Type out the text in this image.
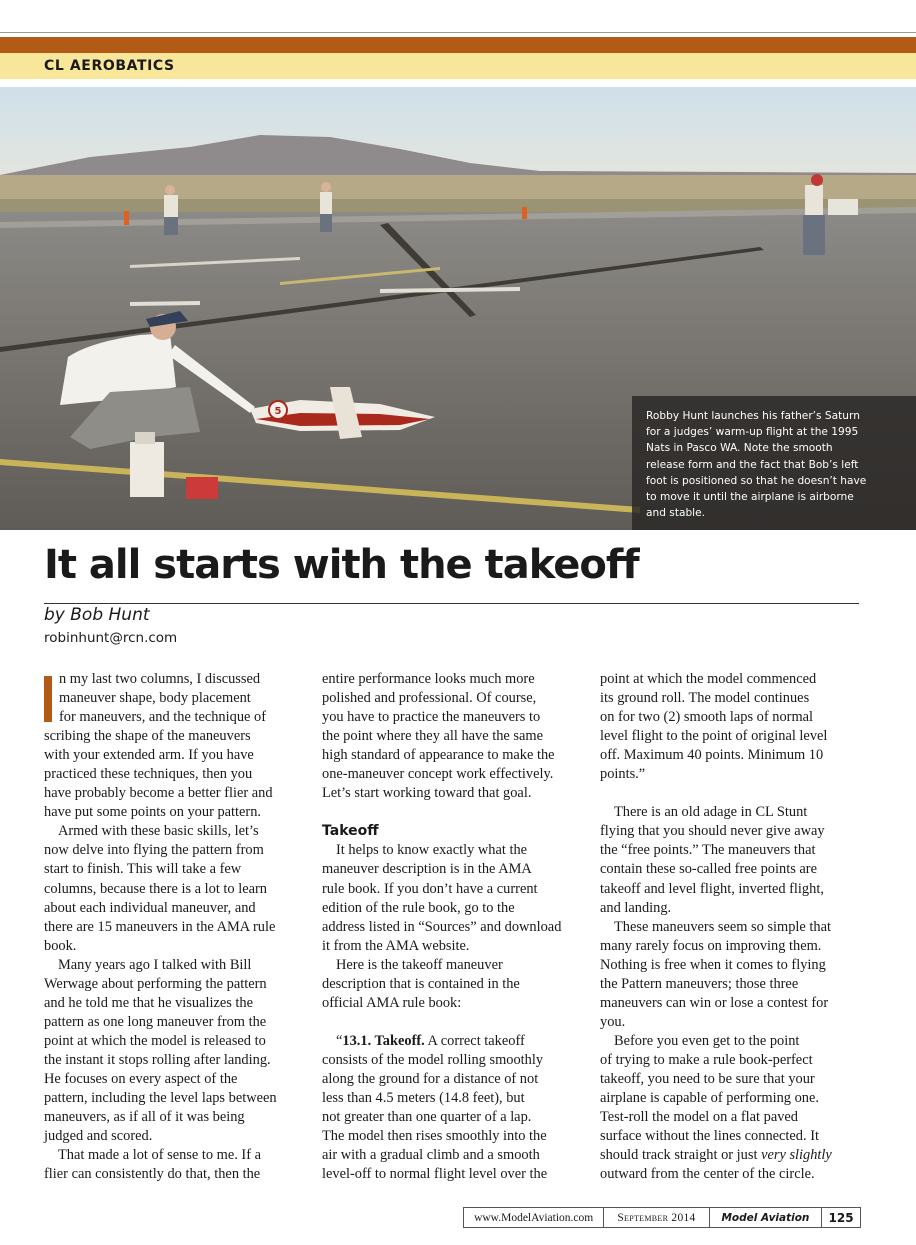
CL AEROBATICS
5	Robby Hunt launches his father’s Saturn
for a judges’ warm-up flight at the 1995
Nats in Pasco WA. Note the smooth
release form and the fact that Bob’s left
foot is positioned so that he doesn’t have
to move it until the airplane is airborne
and stable.
It all starts with the takeoff
by Bob Hunt
robinhunt@rcn.com
n my last two columns, I discussed
maneuver shape, body placement
for maneuvers, and the technique of
scribing the shape of the maneuvers
with your extended arm. If you have
practiced these techniques, then you
have probably become a better flier and
have put some points on your pattern.
Armed with these basic skills, let’s
now delve into flying the pattern from
start to finish. This will take a few
columns, because there is a lot to learn
about each individual maneuver, and
there are 15 maneuvers in the AMA rule
book.
Many years ago I talked with Bill
Werwage about performing the pattern
and he told me that he visualizes the
pattern as one long maneuver from the
point at which the model is released to
the instant it stops rolling after landing.
He focuses on every aspect of the
pattern, including the level laps between
maneuvers, as if all of it was being
judged and scored.
That made a lot of sense to me. If a
flier can consistently do that, then the
entire performance looks much more
polished and professional. Of course,
you have to practice the maneuvers to
the point where they all have the same
high standard of appearance to make the
one-maneuver concept work effectively.
Let’s start working toward that goal.
Takeoff
It helps to know exactly what the
maneuver description is in the AMA
rule book. If you don’t have a current
edition of the rule book, go to the
address listed in “Sources” and download
it from the AMA website.
Here is the takeoff maneuver
description that is contained in the
official AMA rule book:
“13.1. Takeoff. A correct takeoff
consists of the model rolling smoothly
along the ground for a distance of not
less than 4.5 meters (14.8 feet), but
not greater than one quarter of a lap.
The model then rises smoothly into the
air with a gradual climb and a smooth
level-off to normal flight level over the
point at which the model commenced
its ground roll. The model continues
on for two (2) smooth laps of normal
level flight to the point of original level
off. Maximum 40 points. Minimum 10
points.”
There is an old adage in CL Stunt
flying that you should never give away
the “free points.” The maneuvers that
contain these so-called free points are
takeoff and level flight, inverted flight,
and landing.
These maneuvers seem so simple that
many rarely focus on improving them.
Nothing is free when it comes to flying
the Pattern maneuvers; those three
maneuvers can win or lose a contest for
you.
Before you even get to the point
of trying to make a rule book-perfect
takeoff, you need to be sure that your
airplane is capable of performing one.
Test-roll the model on a flat paved
surface without the lines connected. It
should track straight or just very slightly
outward from the center of the circle.
www.ModelAviation.com	September 2014	Model Aviation	125
